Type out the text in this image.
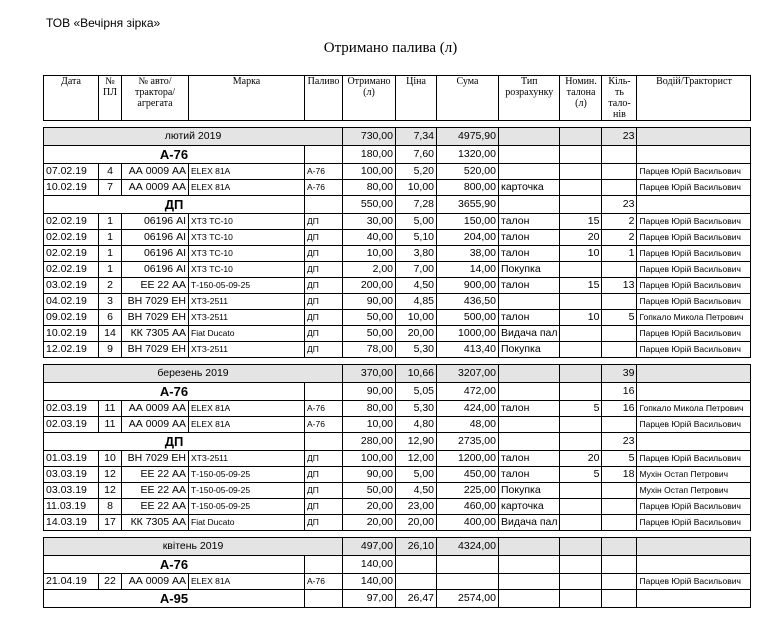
ТОВ «Вечірня зірка»
Отримано палива (л)
Дата	№ ПЛ	№ авто/ трактора/ агрегата	Марка	Паливо	Отримано (л)	Ціна	Сума	Тип розрахунку	Номин. талона (л)	Кіль-ть тало-нів	Водій/Тракторист

лютий 2019					730,00	7,34	4975,90			23	
А-76					180,00	7,60	1320,00				
07.02.19	4	АА 0009 АА	ELEX 81A	A-76	100,00	5,20	520,00				Парцев Юрій Васильович
10.02.19	7	АА 0009 АА	ELEX 81A	A-76	80,00	10,00	800,00	карточка			Парцев Юрій Васильович
ДП					550,00	7,28	3655,90			23	
02.02.19	1	06196 АІ	ХТЗ ТС-10	ДП	30,00	5,00	150,00	талон	15	2	Парцев Юрій Васильович
02.02.19	1	06196 АІ	ХТЗ ТС-10	ДП	40,00	5,10	204,00	талон	20	2	Парцев Юрій Васильович
02.02.19	1	06196 АІ	ХТЗ ТС-10	ДП	10,00	3,80	38,00	талон	10	1	Парцев Юрій Васильович
02.02.19	1	06196 АІ	ХТЗ ТС-10	ДП	2,00	7,00	14,00	Покупка			Парцев Юрій Васильович
03.02.19	2	ЕЕ 22 АА	Т-150-05-09-25	ДП	200,00	4,50	900,00	талон	15	13	Парцев Юрій Васильович
04.02.19	3	ВН 7029 ЕН	ХТЗ-2511	ДП	90,00	4,85	436,50				Парцев Юрій Васильович
09.02.19	6	ВН 7029 ЕН	ХТЗ-2511	ДП	50,00	10,00	500,00	талон	10	5	Гопкало Микола Петрович
10.02.19	14	КК 7305 АА	Fiat Ducato	ДП	50,00	20,00	1000,00	Видача пал			Парцев Юрій Васильович
12.02.19	9	ВН 7029 ЕН	ХТЗ-2511	ДП	78,00	5,30	413,40	Покупка			Парцев Юрій Васильович

березень 2019					370,00	10,66	3207,00			39	
А-76					90,00	5,05	472,00			16	
02.03.19	11	АА 0009 АА	ELEX 81A	A-76	80,00	5,30	424,00	талон	5	16	Гопкало Микола Петрович
02.03.19	11	АА 0009 АА	ELEX 81A	A-76	10,00	4,80	48,00				Парцев Юрій Васильович
ДП					280,00	12,90	2735,00			23	
01.03.19	10	ВН 7029 ЕН	ХТЗ-2511	ДП	100,00	12,00	1200,00	талон	20	5	Парцев Юрій Васильович
03.03.19	12	ЕЕ 22 АА	Т-150-05-09-25	ДП	90,00	5,00	450,00	талон	5	18	Мухін Остап Петрович
03.03.19	12	ЕЕ 22 АА	Т-150-05-09-25	ДП	50,00	4,50	225,00	Покупка			Мухін Остап Петрович
11.03.19	8	ЕЕ 22 АА	Т-150-05-09-25	ДП	20,00	23,00	460,00	карточка			Парцев Юрій Васильович
14.03.19	17	КК 7305 АА	Fiat Ducato	ДП	20,00	20,00	400,00	Видача пал			Парцев Юрій Васильович

квітень 2019					497,00	26,10	4324,00				
А-76					140,00						
21.04.19	22	АА 0009 АА	ELEX 81A	A-76	140,00						Парцев Юрій Васильович
А-95					97,00	26,47	2574,00				
